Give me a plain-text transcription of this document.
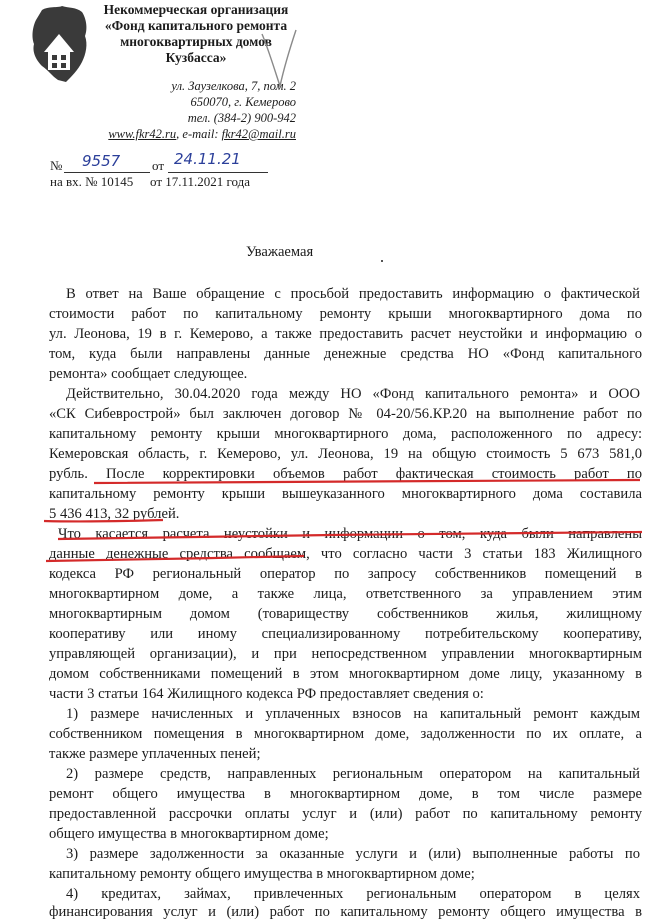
Некоммерческая организация
«Фонд капитального ремонта
многоквартирных домов
Кузбасса»
ул. Заузелкова, 7, пом. 2
650070, г. Кемерово
тел. (384-2) 900-942
www.fkr42.ru, e-mail: fkr42@mail.ru
№ 9557 от 24.11.21
на вх. № 10145 от 17.11.2021 года
Уважаемая
В ответ на Ваше обращение с просьбой предоставить информацию о фактической
стоимости работ по капитальному ремонту крыши многоквартирного дома по
ул. Леонова, 19 в г. Кемерово, а также предоставить расчет неустойки и информацию о
том, куда были направлены данные денежные средства НО «Фонд капитального
ремонта» сообщает следующее.
Действительно, 30.04.2020 года между НО «Фонд капитального ремонта» и ООО
«СК Сибеврострой» был заключен договор № 04-20/56.КР.20 на выполнение работ по
капитальному ремонту крыши многоквартирного дома, расположенного по адресу:
Кемеровская область, г. Кемерово, ул. Леонова, 19 на общую стоимость 5 673 581,0
рубль. После корректировки объемов работ фактическая стоимость работ по
капитальному ремонту крыши вышеуказанного многоквартирного дома составила
5 436 413, 32 рублей.
Что касается расчета неустойки и информации о том, куда были направлены
данные денежные средства сообщаем, что согласно части 3 статьи 183 Жилищного
кодекса РФ региональный оператор по запросу собственников помещений в
многоквартирном доме, а также лица, ответственного за управлением этим
многоквартирным домом (товариществу собственников жилья, жилищному
кооперативу или иному специализированному потребительскому кооперативу,
управляющей организации), и при непосредственном управлении многоквартирным
домом собственниками помещений в этом многоквартирном доме лицу, указанному в
части 3 статьи 164 Жилищного кодекса РФ предоставляет сведения о:
1) размере начисленных и уплаченных взносов на капитальный ремонт каждым
собственником помещения в многоквартирном доме, задолженности по их оплате, а
также размере уплаченных пеней;
2) размере средств, направленных региональным оператором на капитальный
ремонт общего имущества в многоквартирном доме, в том числе размере
предоставленной рассрочки оплаты услуг и (или) работ по капитальному ремонту
общего имущества в многоквартирном доме;
3) размере задолженности за оказанные услуги и (или) выполненные работы по
капитальному ремонту общего имущества в многоквартирном доме;
4) кредитах, займах, привлеченных региональным оператором в целях
финансирования услуг и (или) работ по капитальному ремонту общего имущества в
